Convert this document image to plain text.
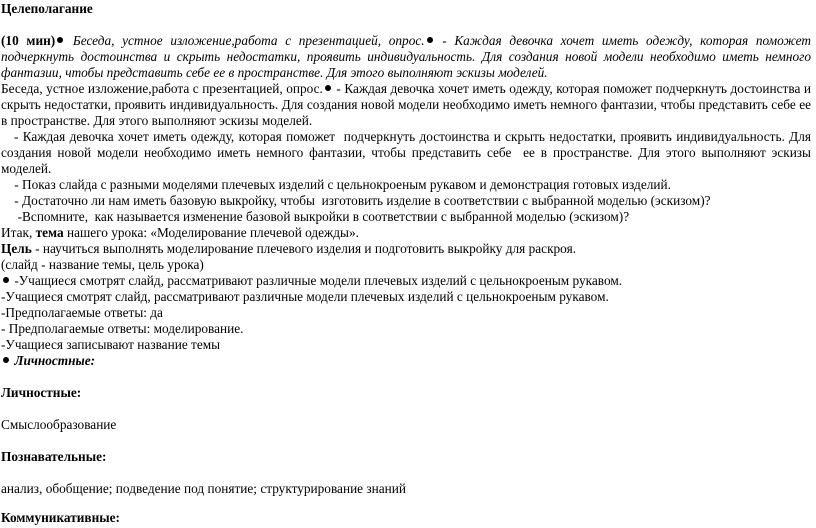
Целеполагание

(10 мин) Беседа, устное изложение,работа с презентацией, опрос. - Каждая девочка хочет иметь одежду, которая поможет подчеркнуть достоинства и скрыть недостатки, проявить индивидуальность. Для создания новой модели необходимо иметь немного фантазии, чтобы представить себе ее в пространстве. Для этого выполняют эскизы моделей.

Беседа, устное изложение,работа с презентацией, опрос. - Каждая девочка хочет иметь одежду, которая поможет подчеркнуть достоинства и скрыть недостатки, проявить индивидуальность. Для создания новой модели необходимо иметь немного фантазии, чтобы представить себе ее в пространстве. Для этого выполняют эскизы моделей.

- Каждая девочка хочет иметь одежду, которая поможет  подчеркнуть достоинства и скрыть недостатки, проявить индивидуальность. Для создания новой модели необходимо иметь немного фантазии, чтобы представить себе  ее в пространстве. Для этого выполняют эскизы моделей.

- Показ слайда с разными моделями плечевых изделий с цельнокроеным рукавом и демонстрация готовых изделий.

- Достаточно ли нам иметь базовую выкройку, чтобы  изготовить изделие в соответствии с выбранной моделью (эскизом)?

-Вспомните,  как называется изменение базовой выкройки в соответствии с выбранной моделью (эскизом)?

Итак, тема нашего урока: «Моделирование плечевой одежды».

Цель - научиться выполнять моделирование плечевого изделия и подготовить выкройку для раскроя.

(слайд - название темы, цель урока)

-Учащиеся смотрят слайд, рассматривают различные модели плечевых изделий с цельнокроеным рукавом.

-Учащиеся смотрят слайд, рассматривают различные модели плечевых изделий с цельнокроеным рукавом.

-Предполагаемые ответы: да

- Предполагаемые ответы: моделирование.

-Учащиеся записывают название темы

Личностные:

Личностные:

Смыслообразование

Познавательные:

анализ, обобщение; подведение под понятие; структурирование знаний

Коммуникативные:
